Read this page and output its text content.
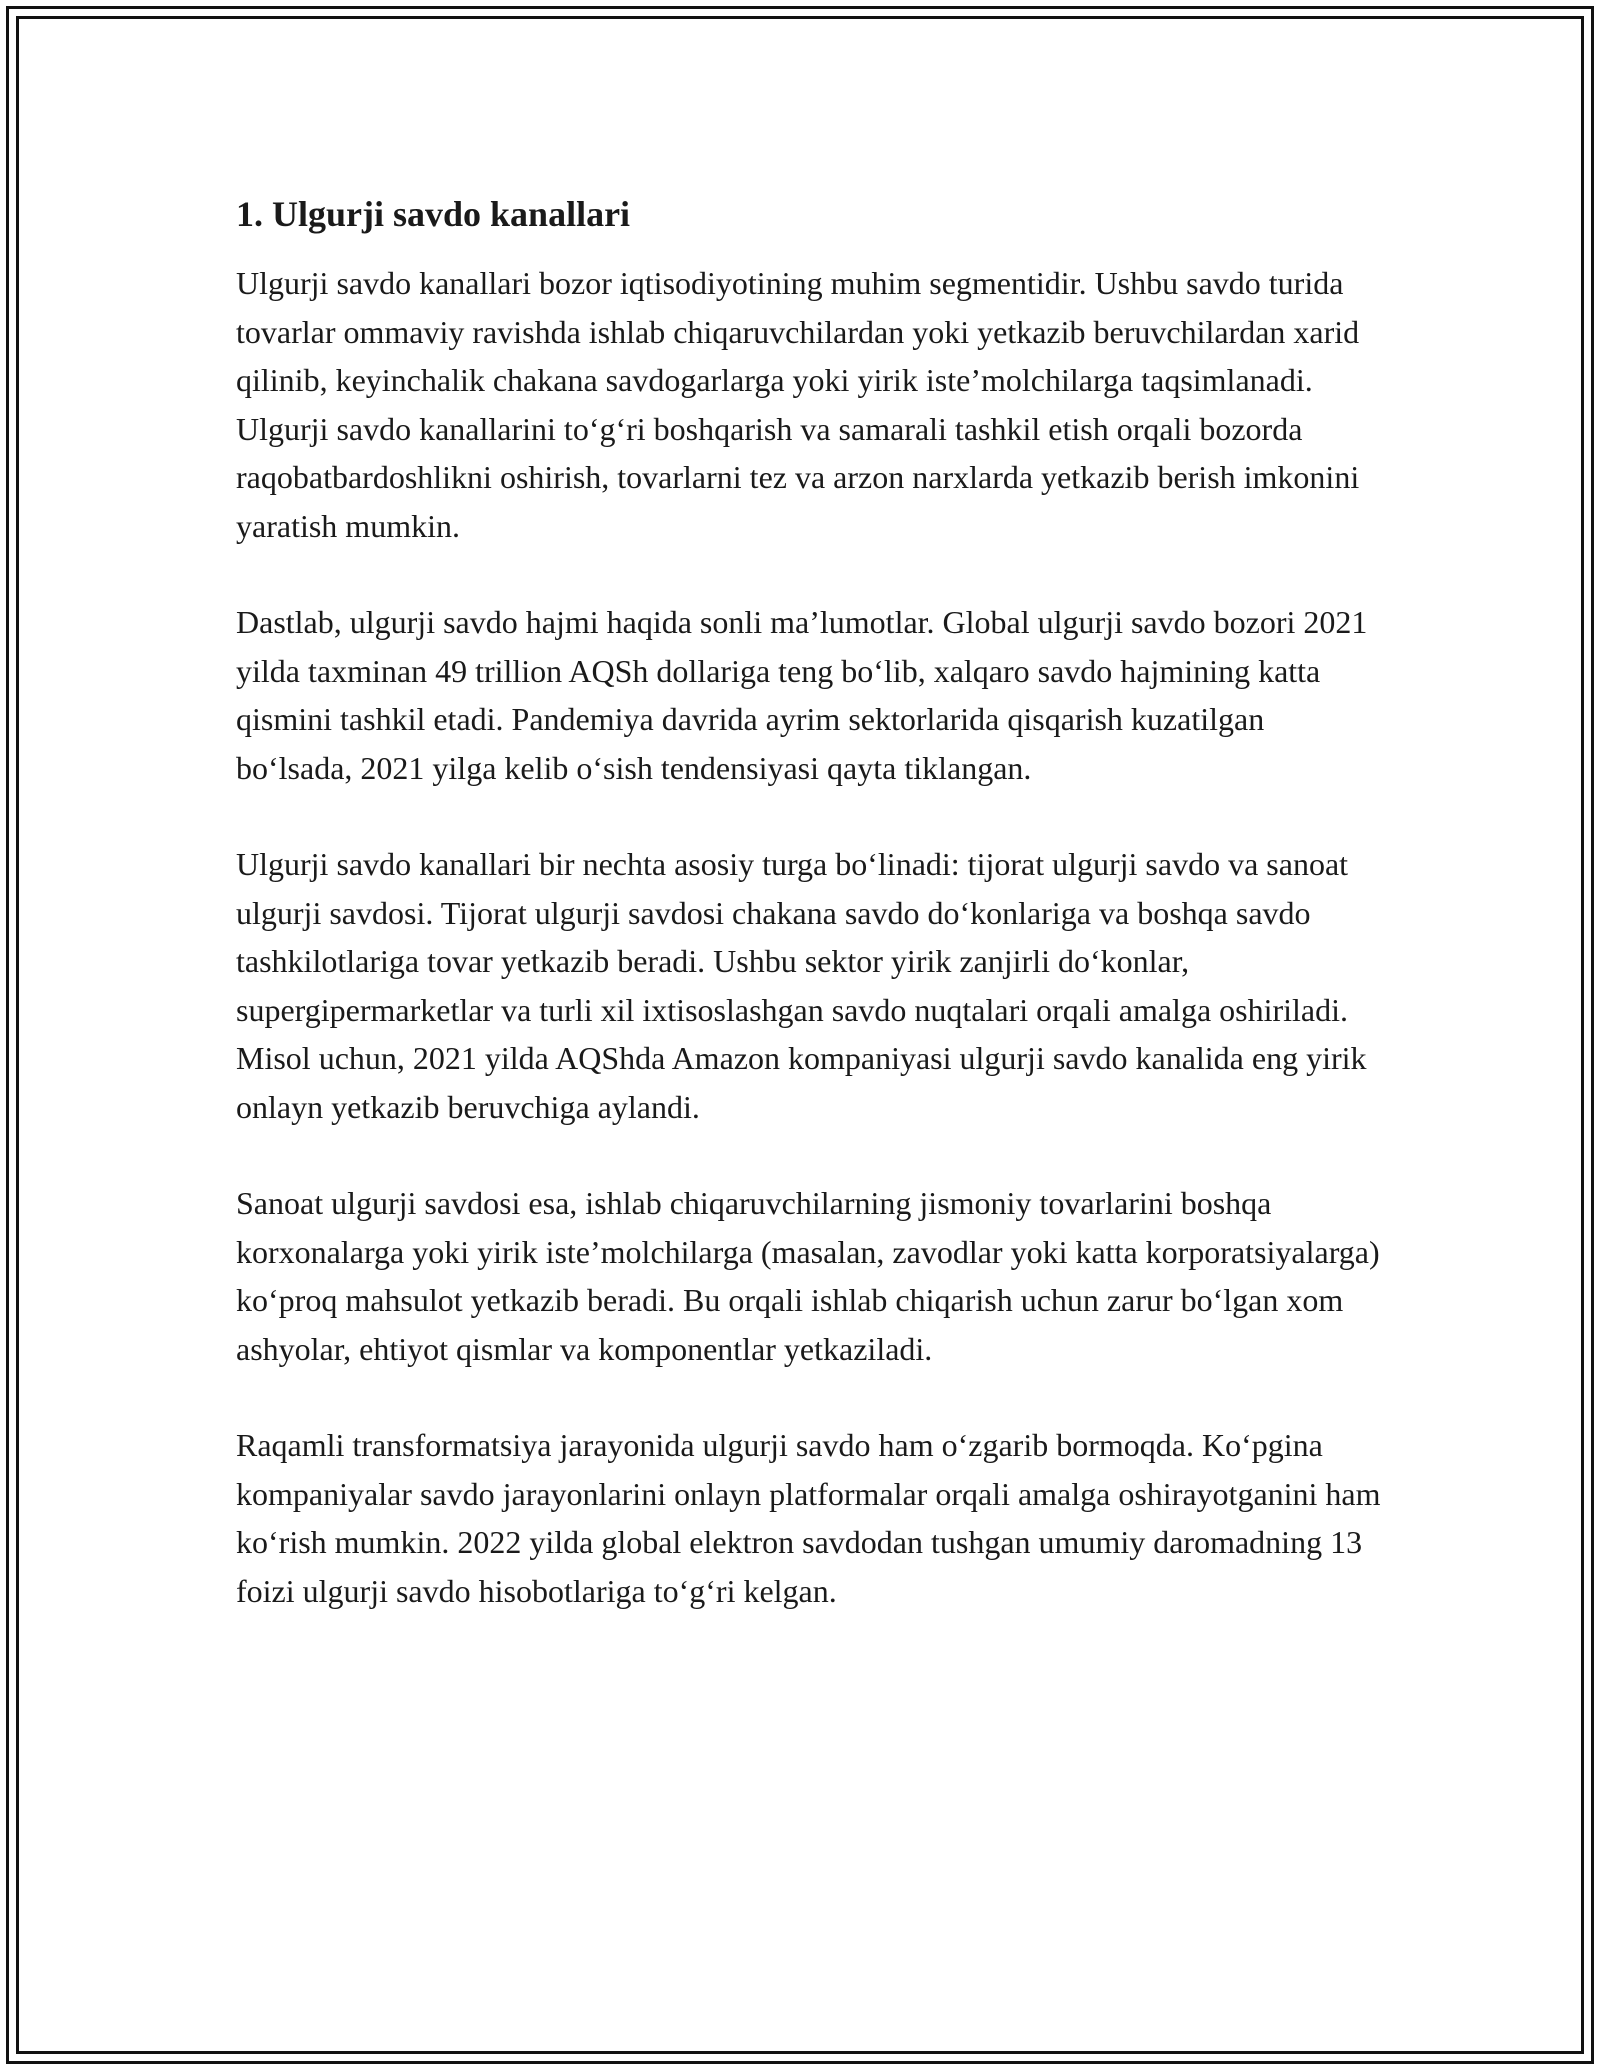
1. Ulgurji savdo kanallari

Ulgurji savdo kanallari bozor iqtisodiyotining muhim segmentidir. Ushbu savdo turida tovarlar ommaviy ravishda ishlab chiqaruvchilardan yoki yetkazib beruvchilardan xarid qilinib, keyinchalik chakana savdogarlarga yoki yirik iste’molchilarga taqsimlanadi. Ulgurji savdo kanallarini to‘g‘ri boshqarish va samarali tashkil etish orqali bozorda raqobatbardoshlikni oshirish, tovarlarni tez va arzon narxlarda yetkazib berish imkonini yaratish mumkin.

Dastlab, ulgurji savdo hajmi haqida sonli ma’lumotlar. Global ulgurji savdo bozori 2021 yilda taxminan 49 trillion AQSh dollariga teng bo‘lib, xalqaro savdo hajmining katta qismini tashkil etadi. Pandemiya davrida ayrim sektorlarida qisqarish kuzatilgan bo‘lsada, 2021 yilga kelib o‘sish tendensiyasi qayta tiklangan.

Ulgurji savdo kanallari bir nechta asosiy turga bo‘linadi: tijorat ulgurji savdo va sanoat ulgurji savdosi. Tijorat ulgurji savdosi chakana savdo do‘konlariga va boshqa savdo tashkilotlariga tovar yetkazib beradi. Ushbu sektor yirik zanjirli do‘konlar, supergipermarketlar va turli xil ixtisoslashgan savdo nuqtalari orqali amalga oshiriladi. Misol uchun, 2021 yilda AQShda Amazon kompaniyasi ulgurji savdo kanalida eng yirik onlayn yetkazib beruvchiga aylandi.

Sanoat ulgurji savdosi esa, ishlab chiqaruvchilarning jismoniy tovarlarini boshqa korxonalarga yoki yirik iste’molchilarga (masalan, zavodlar yoki katta korporatsiyalarga) ko‘proq mahsulot yetkazib beradi. Bu orqali ishlab chiqarish uchun zarur bo‘lgan xom ashyolar, ehtiyot qismlar va komponentlar yetkaziladi.

Raqamli transformatsiya jarayonida ulgurji savdo ham o‘zgarib bormoqda. Ko‘pgina kompaniyalar savdo jarayonlarini onlayn platformalar orqali amalga oshirayotganini ham ko‘rish mumkin. 2022 yilda global elektron savdodan tushgan umumiy daromadning 13 foizi ulgurji savdo hisobotlariga to‘g‘ri kelgan.
